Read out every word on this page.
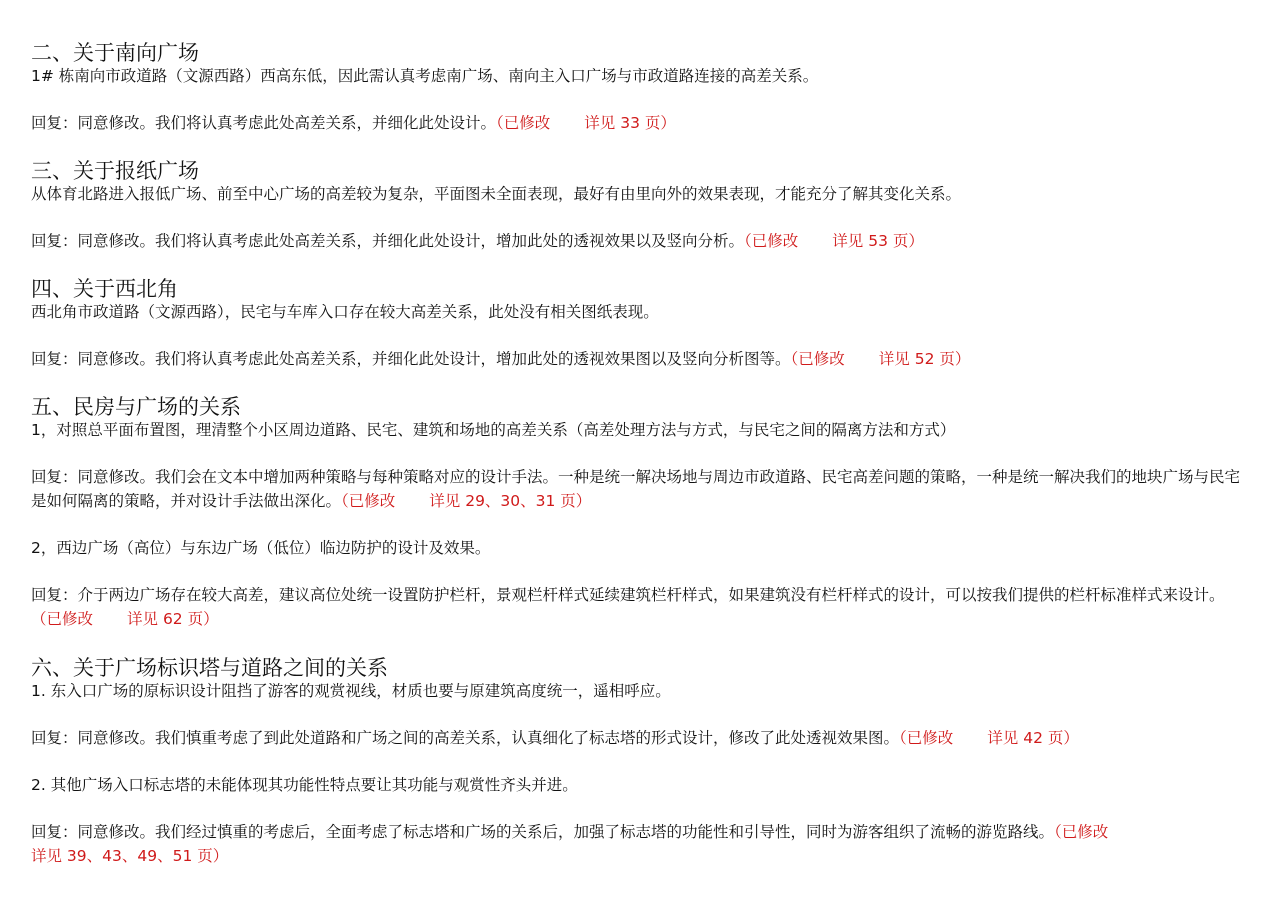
二、关于南向广场

1# 栋南向市政道路（文源西路）西高东低，因此需认真考虑南广场、南向主入口广场与市政道路连接的高差关系。

回复：同意修改。我们将认真考虑此处高差关系，并细化此处设计。（已修改 详见 33 页）

三、关于报纸广场

从体育北路进入报低广场、前至中心广场的高差较为复杂，平面图未全面表现，最好有由里向外的效果表现，才能充分了解其变化关系。

回复：同意修改。我们将认真考虑此处高差关系，并细化此处设计，增加此处的透视效果以及竖向分析。（已修改 详见 53 页）

四、关于西北角

西北角市政道路（文源西路），民宅与车库入口存在较大高差关系，此处没有相关图纸表现。

回复：同意修改。我们将认真考虑此处高差关系，并细化此处设计，增加此处的透视效果图以及竖向分析图等。（已修改 详见 52 页）

五、民房与广场的关系

1，对照总平面布置图，理清整个小区周边道路、民宅、建筑和场地的高差关系（高差处理方法与方式，与民宅之间的隔离方法和方式）

回复：同意修改。我们会在文本中增加两种策略与每种策略对应的设计手法。一种是统一解决场地与周边市政道路、民宅高差问题的策略，一种是统一解决我们的地块广场与民宅是如何隔离的策略，并对设计手法做出深化。（已修改 详见 29、30、31 页）

2，西边广场（高位）与东边广场（低位）临边防护的设计及效果。

回复：介于两边广场存在较大高差，建议高位处统一设置防护栏杆，景观栏杆样式延续建筑栏杆样式，如果建筑没有栏杆样式的设计，可以按我们提供的栏杆标准样式来设计。（已修改 详见 62 页）

六、关于广场标识塔与道路之间的关系

1. 东入口广场的原标识设计阻挡了游客的观赏视线，材质也要与原建筑高度统一，遥相呼应。

回复：同意修改。我们慎重考虑了到此处道路和广场之间的高差关系，认真细化了标志塔的形式设计，修改了此处透视效果图。（已修改 详见 42 页）

2. 其他广场入口标志塔的未能体现其功能性特点要让其功能与观赏性齐头并进。

回复：同意修改。我们经过慎重的考虑后，全面考虑了标志塔和广场的关系后，加强了标志塔的功能性和引导性，同时为游客组织了流畅的游览路线。（已修改
详见 39、43、49、51 页）
